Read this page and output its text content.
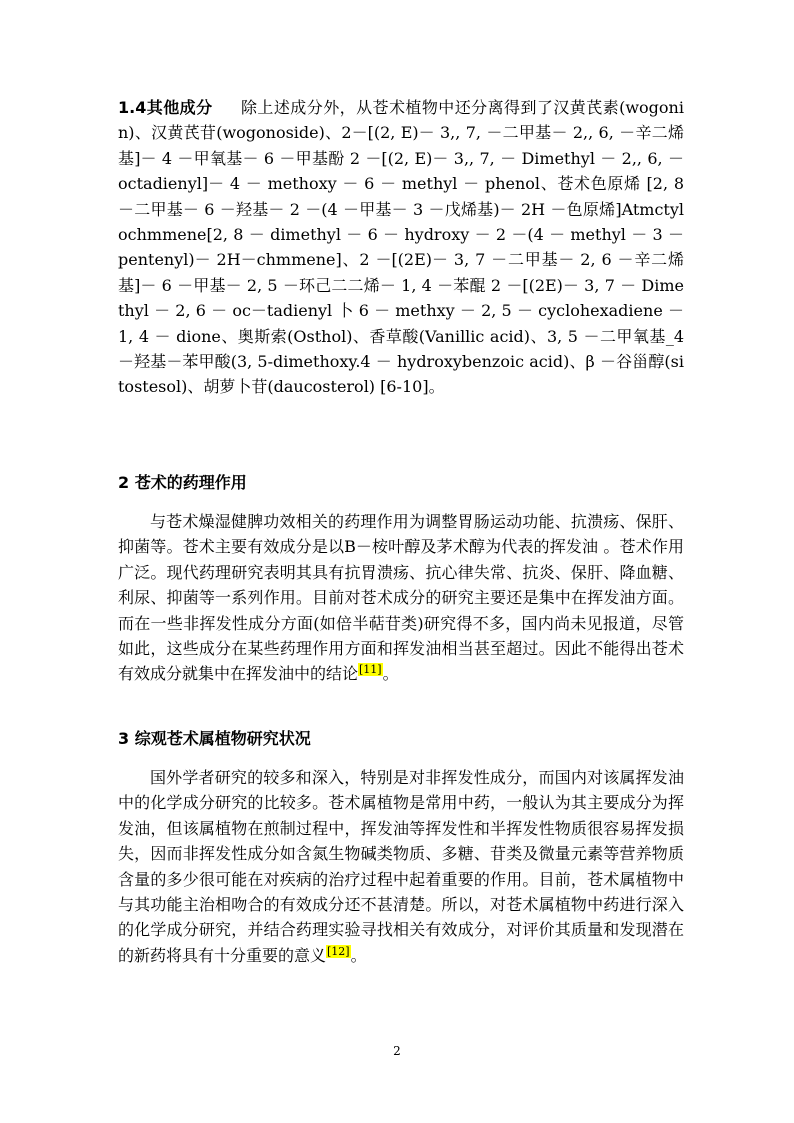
1.4其他成分 除上述成分外，从苍术植物中还分离得到了汉黄芪素(wogonin)、汉黄芪苷(wogonoside)、2－[(2, E)－ 3,, 7, －二甲基－ 2,, 6, －辛二烯基]－ 4 －甲氧基－ 6 －甲基酚 2 －[(2, E)－ 3,, 7, － Dimethyl － 2,, 6, － octadienyl]－ 4 － methoxy － 6 － methyl － phenol、苍术色原烯 [2, 8 －二甲基－ 6 －羟基－ 2 －(4 －甲基－ 3 －戊烯基)－ 2H －色原烯]Atmctylochmmene[2, 8 － dimethyl － 6 － hydroxy － 2 －(4 － methyl － 3 － pentenyl)－ 2H－chmmene]、2 －[(2E)－ 3, 7 －二甲基－ 2, 6 －辛二烯基]－ 6 －甲基－ 2, 5 －环己二二烯－ 1, 4 －苯醌 2 －[(2E)－ 3, 7 － Dimethyl － 2, 6 － oc－tadienyl 卜 6 － methxy － 2, 5 － cyclohexadiene － 1, 4 － dione、奥斯索(Osthol)、香草酸(Vanillic acid)、3, 5 －二甲氧基_4 －羟基－苯甲酸(3, 5-dimethoxy.4 － hydroxybenzoic acid)、β －谷甾醇(sitostesol)、胡萝卜苷(daucosterol) [6-10]。

2 苍术的药理作用

与苍术燥湿健脾功效相关的药理作用为调整胃肠运动功能、抗溃疡、保肝、抑菌等。苍术主要有效成分是以B－桉叶醇及茅术醇为代表的挥发油 。苍术作用广泛。现代药理研究表明其具有抗胃溃疡、抗心律失常、抗炎、保肝、降血糖、利尿、抑菌等一系列作用。目前对苍术成分的研究主要还是集中在挥发油方面。而在一些非挥发性成分方面(如倍半萜苷类)研究得不多，国内尚未见报道，尽管如此，这些成分在某些药理作用方面和挥发油相当甚至超过。因此不能得出苍术有效成分就集中在挥发油中的结论[11]。

3 综观苍术属植物研究状况

国外学者研究的较多和深入，特别是对非挥发性成分，而国内对该属挥发油中的化学成分研究的比较多。苍术属植物是常用中药，一般认为其主要成分为挥发油，但该属植物在煎制过程中，挥发油等挥发性和半挥发性物质很容易挥发损失，因而非挥发性成分如含氮生物碱类物质、多糖、苷类及微量元素等营养物质含量的多少很可能在对疾病的治疗过程中起着重要的作用。目前，苍术属植物中与其功能主治相吻合的有效成分还不甚清楚。所以，对苍术属植物中药进行深入的化学成分研究，并结合药理实验寻找相关有效成分，对评价其质量和发现潜在的新药将具有十分重要的意义[12]。

2
